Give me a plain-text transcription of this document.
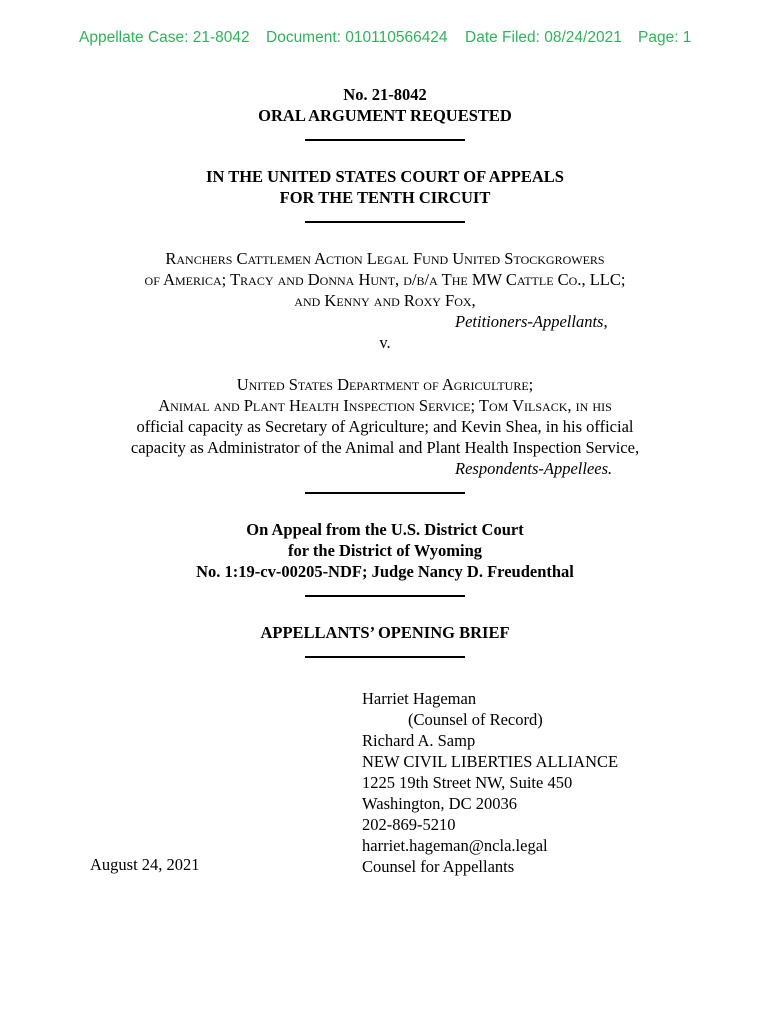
Appellate Case: 21-8042 Document: 010110566424 Date Filed: 08/24/2021 Page: 1
No. 21-8042
ORAL ARGUMENT REQUESTED
IN THE UNITED STATES COURT OF APPEALS
FOR THE TENTH CIRCUIT
Ranchers Cattlemen Action Legal Fund United Stockgrowers
of America; Tracy and Donna Hunt, d/b/a The MW Cattle Co., LLC;
and Kenny and Roxy Fox,
Petitioners-Appellants,
v.
United States Department of Agriculture;
Animal and Plant Health Inspection Service; Tom Vilsack, in his
official capacity as Secretary of Agriculture; and Kevin Shea, in his official
capacity as Administrator of the Animal and Plant Health Inspection Service,
Respondents-Appellees.
On Appeal from the U.S. District Court
for the District of Wyoming
No. 1:19-cv-00205-NDF; Judge Nancy D. Freudenthal
APPELLANTS’ OPENING BRIEF
Harriet Hageman
(Counsel of Record)
Richard A. Samp
NEW CIVIL LIBERTIES ALLIANCE
1225 19th Street NW, Suite 450
Washington, DC 20036
202-869-5210
harriet.hageman@ncla.legal
Counsel for Appellants
August 24, 2021
